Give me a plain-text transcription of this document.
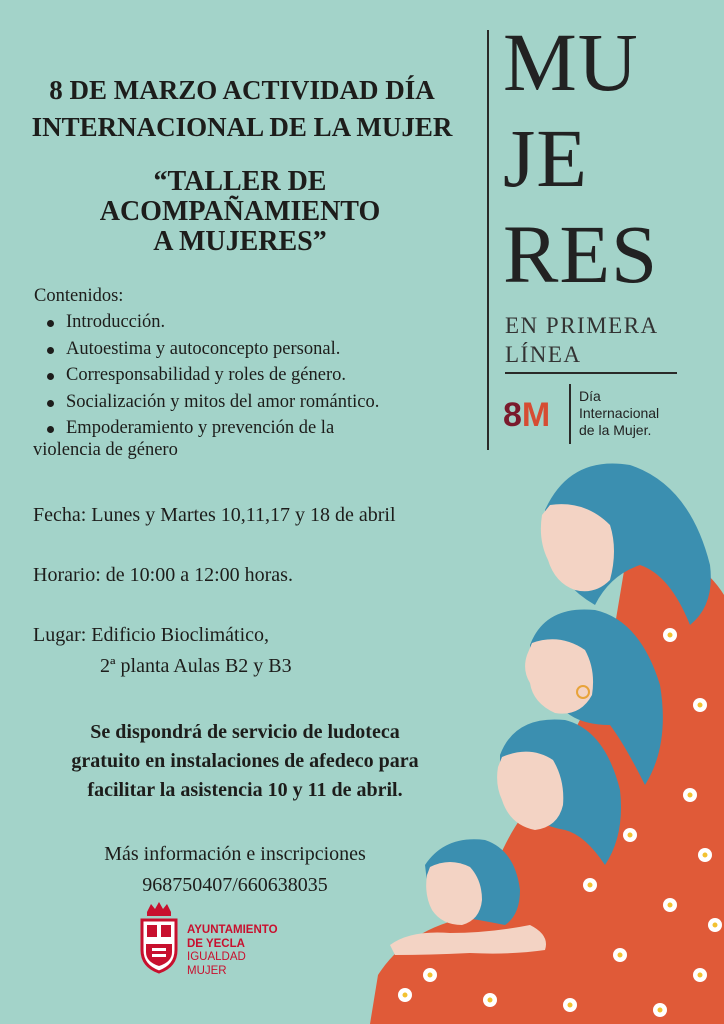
8 DE MARZO ACTIVIDAD DÍA
INTERNACIONAL DE LA MUJER
“TALLER DE
ACOMPAÑAMIENTO
A MUJERES”
Contenidos:
Introducción.
Autoestima y autoconcepto personal.
Corresponsabilidad y roles de género.
Socialización y mitos del amor romántico.
Empoderamiento y prevención de la
violencia de género
Fecha: Lunes y Martes 10,11,17 y 18 de abril
Horario: de 10:00 a 12:00 horas.
Lugar: Edificio Bioclimático,
2ª planta Aulas B2 y B3
Se dispondrá de servicio de ludoteca
gratuito en instalaciones de afedeco para
facilitar la asistencia 10 y 11 de abril.
Más información e inscripciones
968750407/660638035
AYUNTAMIENTO
DE YECLA
IGUALDAD
MUJER
MU
JE
RES
EN PRIMERA
LÍNEA
8M Día
Internacional
de la Mujer.
